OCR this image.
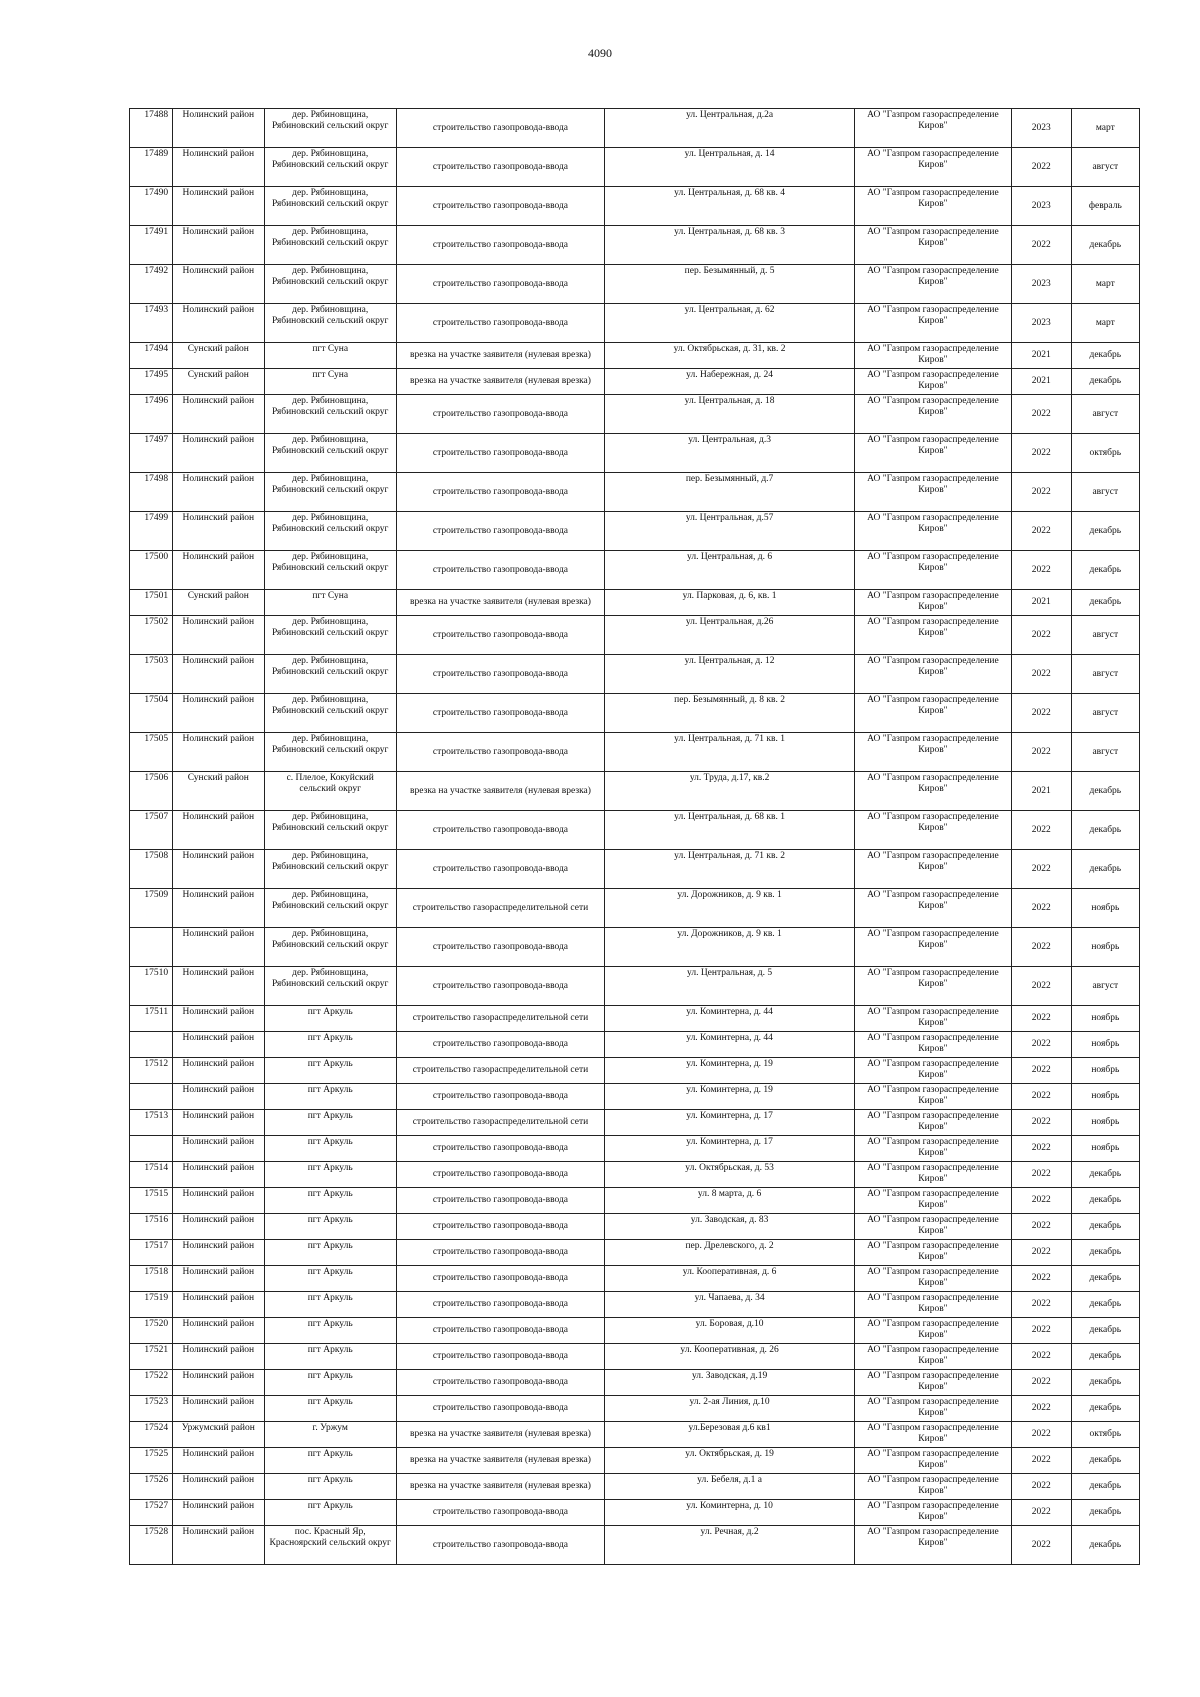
4090
17488	Нолинский район	дер. Рябиновщина, Рябиновский сельский округ	строительство газопровода-ввода	ул. Центральная, д.2а	АО "Газпром газораспределение Киров"	2023	март
17489	Нолинский район	дер. Рябиновщина, Рябиновский сельский округ	строительство газопровода-ввода	ул. Центральная, д. 14	АО "Газпром газораспределение Киров"	2022	август
17490	Нолинский район	дер. Рябиновщина, Рябиновский сельский округ	строительство газопровода-ввода	ул. Центральная, д. 68 кв. 4	АО "Газпром газораспределение Киров"	2023	февраль
17491	Нолинский район	дер. Рябиновщина, Рябиновский сельский округ	строительство газопровода-ввода	ул. Центральная, д. 68 кв. 3	АО "Газпром газораспределение Киров"	2022	декабрь
17492	Нолинский район	дер. Рябиновщина, Рябиновский сельский округ	строительство газопровода-ввода	пер. Безымянный, д. 5	АО "Газпром газораспределение Киров"	2023	март
17493	Нолинский район	дер. Рябиновщина, Рябиновский сельский округ	строительство газопровода-ввода	ул. Центральная, д. 62	АО "Газпром газораспределение Киров"	2023	март
17494	Сунский район	пгт Суна	врезка на участке заявителя (нулевая врезка)	ул. Октябрьская, д. 31, кв. 2	АО "Газпром газораспределение Киров"	2021	декабрь
17495	Сунский район	пгт Суна	врезка на участке заявителя (нулевая врезка)	ул. Набережная, д. 24	АО "Газпром газораспределение Киров"	2021	декабрь
17496	Нолинский район	дер. Рябиновщина, Рябиновский сельский округ	строительство газопровода-ввода	ул. Центральная, д. 18	АО "Газпром газораспределение Киров"	2022	август
17497	Нолинский район	дер. Рябиновщина, Рябиновский сельский округ	строительство газопровода-ввода	ул. Центральная, д.3	АО "Газпром газораспределение Киров"	2022	октябрь
17498	Нолинский район	дер. Рябиновщина, Рябиновский сельский округ	строительство газопровода-ввода	пер. Безымянный, д.7	АО "Газпром газораспределение Киров"	2022	август
17499	Нолинский район	дер. Рябиновщина, Рябиновский сельский округ	строительство газопровода-ввода	ул. Центральная, д.57	АО "Газпром газораспределение Киров"	2022	декабрь
17500	Нолинский район	дер. Рябиновщина, Рябиновский сельский округ	строительство газопровода-ввода	ул. Центральная, д. 6	АО "Газпром газораспределение Киров"	2022	декабрь
17501	Сунский район	пгт Суна	врезка на участке заявителя (нулевая врезка)	ул. Парковая, д. 6, кв. 1	АО "Газпром газораспределение Киров"	2021	декабрь
17502	Нолинский район	дер. Рябиновщина, Рябиновский сельский округ	строительство газопровода-ввода	ул. Центральная, д.26	АО "Газпром газораспределение Киров"	2022	август
17503	Нолинский район	дер. Рябиновщина, Рябиновский сельский округ	строительство газопровода-ввода	ул. Центральная, д. 12	АО "Газпром газораспределение Киров"	2022	август
17504	Нолинский район	дер. Рябиновщина, Рябиновский сельский округ	строительство газопровода-ввода	пер. Безымянный, д. 8 кв. 2	АО "Газпром газораспределение Киров"	2022	август
17505	Нолинский район	дер. Рябиновщина, Рябиновский сельский округ	строительство газопровода-ввода	ул. Центральная, д. 71 кв. 1	АО "Газпром газораспределение Киров"	2022	август
17506	Сунский район	с. Плелое, Кокуйский сельский округ	врезка на участке заявителя (нулевая врезка)	ул. Труда, д.17, кв.2	АО "Газпром газораспределение Киров"	2021	декабрь
17507	Нолинский район	дер. Рябиновщина, Рябиновский сельский округ	строительство газопровода-ввода	ул. Центральная, д. 68 кв. 1	АО "Газпром газораспределение Киров"	2022	декабрь
17508	Нолинский район	дер. Рябиновщина, Рябиновский сельский округ	строительство газопровода-ввода	ул. Центральная, д. 71 кв. 2	АО "Газпром газораспределение Киров"	2022	декабрь
17509	Нолинский район	дер. Рябиновщина, Рябиновский сельский округ	строительство газораспределительной сети	ул. Дорожников, д. 9 кв. 1	АО "Газпром газораспределение Киров"	2022	ноябрь
	Нолинский район	дер. Рябиновщина, Рябиновский сельский округ	строительство газопровода-ввода	ул. Дорожников, д. 9 кв. 1	АО "Газпром газораспределение Киров"	2022	ноябрь
17510	Нолинский район	дер. Рябиновщина, Рябиновский сельский округ	строительство газопровода-ввода	ул. Центральная, д. 5	АО "Газпром газораспределение Киров"	2022	август
17511	Нолинский район	пгт Аркуль	строительство газораспределительной сети	ул. Коминтерна, д. 44	АО "Газпром газораспределение Киров"	2022	ноябрь
	Нолинский район	пгт Аркуль	строительство газопровода-ввода	ул. Коминтерна, д. 44	АО "Газпром газораспределение Киров"	2022	ноябрь
17512	Нолинский район	пгт Аркуль	строительство газораспределительной сети	ул. Коминтерна, д. 19	АО "Газпром газораспределение Киров"	2022	ноябрь
	Нолинский район	пгт Аркуль	строительство газопровода-ввода	ул. Коминтерна, д. 19	АО "Газпром газораспределение Киров"	2022	ноябрь
17513	Нолинский район	пгт Аркуль	строительство газораспределительной сети	ул. Коминтерна, д. 17	АО "Газпром газораспределение Киров"	2022	ноябрь
	Нолинский район	пгт Аркуль	строительство газопровода-ввода	ул. Коминтерна, д. 17	АО "Газпром газораспределение Киров"	2022	ноябрь
17514	Нолинский район	пгт Аркуль	строительство газопровода-ввода	ул. Октябрьская, д. 53	АО "Газпром газораспределение Киров"	2022	декабрь
17515	Нолинский район	пгт Аркуль	строительство газопровода-ввода	ул. 8 марта, д. 6	АО "Газпром газораспределение Киров"	2022	декабрь
17516	Нолинский район	пгт Аркуль	строительство газопровода-ввода	ул. Заводская, д. 83	АО "Газпром газораспределение Киров"	2022	декабрь
17517	Нолинский район	пгт Аркуль	строительство газопровода-ввода	пер. Дрелевского, д. 2	АО "Газпром газораспределение Киров"	2022	декабрь
17518	Нолинский район	пгт Аркуль	строительство газопровода-ввода	ул. Кооперативная, д. 6	АО "Газпром газораспределение Киров"	2022	декабрь
17519	Нолинский район	пгт Аркуль	строительство газопровода-ввода	ул. Чапаева, д. 34	АО "Газпром газораспределение Киров"	2022	декабрь
17520	Нолинский район	пгт Аркуль	строительство газопровода-ввода	ул. Боровая, д.10	АО "Газпром газораспределение Киров"	2022	декабрь
17521	Нолинский район	пгт Аркуль	строительство газопровода-ввода	ул. Кооперативная, д. 26	АО "Газпром газораспределение Киров"	2022	декабрь
17522	Нолинский район	пгт Аркуль	строительство газопровода-ввода	ул. Заводская, д.19	АО "Газпром газораспределение Киров"	2022	декабрь
17523	Нолинский район	пгт Аркуль	строительство газопровода-ввода	ул. 2-ая Линия, д.10	АО "Газпром газораспределение Киров"	2022	декабрь
17524	Уржумский район	г. Уржум	врезка на участке заявителя (нулевая врезка)	ул.Березовая д.6 кв1	АО "Газпром газораспределение Киров"	2022	октябрь
17525	Нолинский район	пгт Аркуль	врезка на участке заявителя (нулевая врезка)	ул. Октябрьская, д. 19	АО "Газпром газораспределение Киров"	2022	декабрь
17526	Нолинский район	пгт Аркуль	врезка на участке заявителя (нулевая врезка)	ул. Бебеля, д.1 а	АО "Газпром газораспределение Киров"	2022	декабрь
17527	Нолинский район	пгт Аркуль	строительство газопровода-ввода	ул. Коминтерна, д. 10	АО "Газпром газораспределение Киров"	2022	декабрь
17528	Нолинский район	пос. Красный Яр, Красноярский сельский округ	строительство газопровода-ввода	ул. Речная, д.2	АО "Газпром газораспределение Киров"	2022	декабрь
